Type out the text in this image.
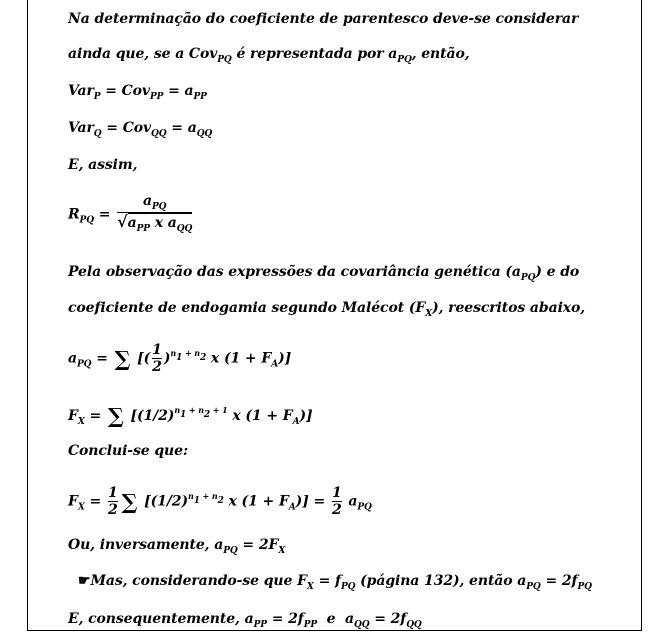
Na determinação do coeficiente de parentesco deve-se considerar
ainda que, se a Cov$_{PQ}$ é representada por $a_{PQ}$, então,
$Var_P = Cov_{PP} = a_{PP}$
$Var_Q = Cov_{QQ} = a_{QQ}$
E, assim,
$R_{PQ} = \frac{a_{PQ}}{√a_{PP} x a_{QQ}}$
Pela observação das expressões da covariância genética $(a_{PQ})$ e do
coeficiente de endogamia segundo Malécot $(F_X)$, reescritos abaixo,
$a_{PQ}$ = ∑ [( $\frac{1}{2} )^{n_1 + n_2}$ x $(1 + F_A)$]
$F_X$ = ∑ [$(1/2)^{n_1 + n_2 + 1}$ x $(1 + F_A)$]
Conclui-se que:
$F_X = \frac{1}{2}$ ∑ [$(1/2)^{n_1 + n_2}$ x $(1 + F_A)] = \frac{1}{2} a_{PQ}$
Ou, inversamente, $a_{PQ} = 2F_X$
☛Mas, considerando-se que $F_X = f_{PQ}$ (página 132), então $a_{PQ} = 2f_{PQ}$
E, consequentemente, $a_{PP} = 2f_{PP}$ e $a_{QQ} = 2f_{QQ}$
